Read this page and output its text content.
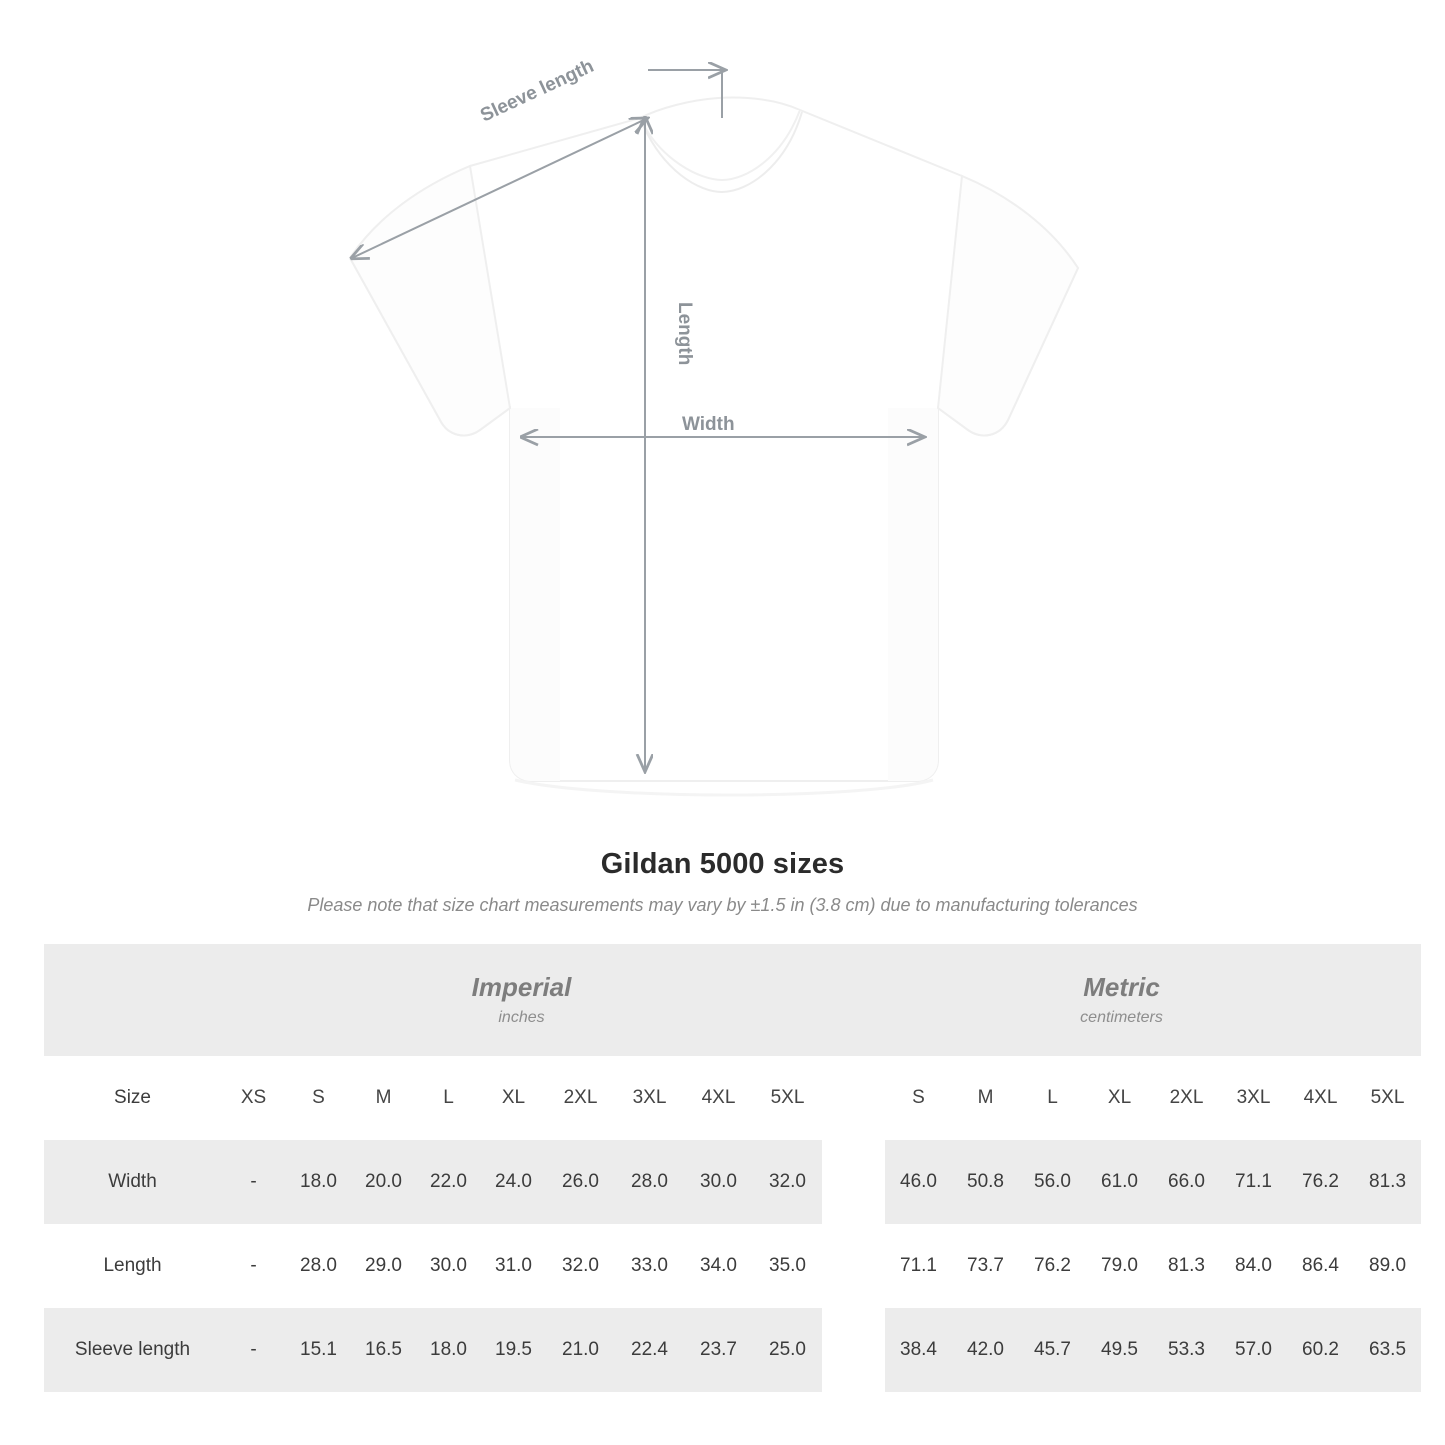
Sleeve length
Length
Width
Gildan 5000 sizes
Please note that size chart measurements may vary by ±1.5 in (3.8 cm) due to manufacturing tolerances

Imperial
inches

Metric
centimeters

Size	XS	S	M	L	XL	2XL	3XL	4XL	5XL		S	M	L	XL	2XL	3XL	4XL	5XL
Width	-	18.0	20.0	22.0	24.0	26.0	28.0	30.0	32.0		46.0	50.8	56.0	61.0	66.0	71.1	76.2	81.3
Length	-	28.0	29.0	30.0	31.0	32.0	33.0	34.0	35.0		71.1	73.7	76.2	79.0	81.3	84.0	86.4	89.0
Sleeve length	-	15.1	16.5	18.0	19.5	21.0	22.4	23.7	25.0		38.4	42.0	45.7	49.5	53.3	57.0	60.2	63.5
